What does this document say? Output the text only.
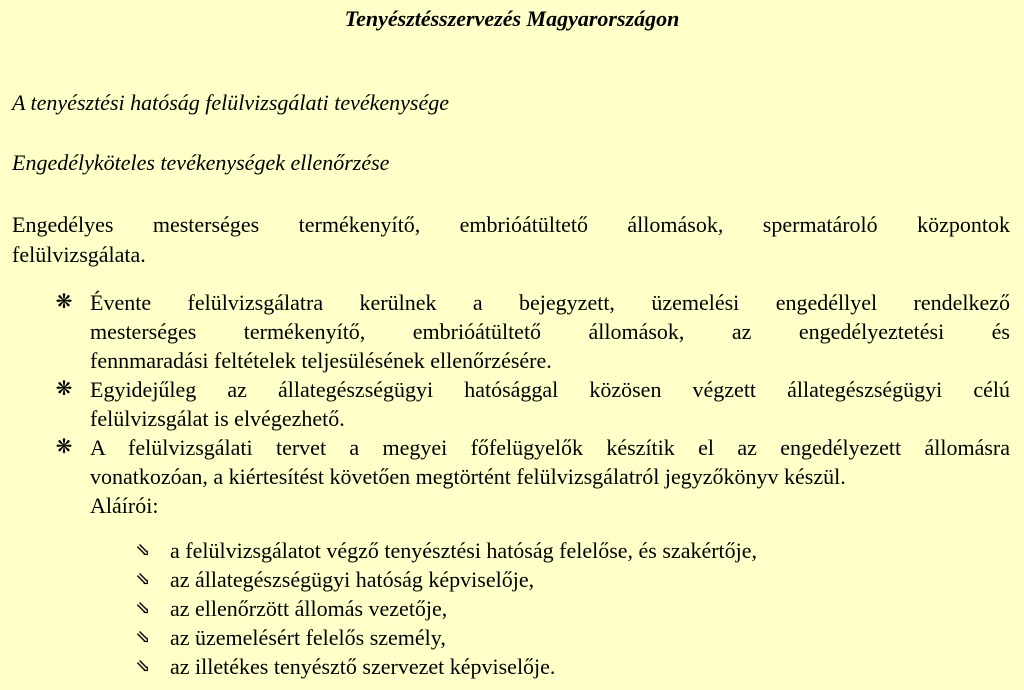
Tenyésztésszervezés Magyarországon
A tenyésztési hatóság felülvizsgálati tevékenysége
Engedélyköteles tevékenységek ellenőrzése
Engedélyes mesterséges termékenyítő, embrióátültető állomások, spermatároló központok
felülvizsgálata.
❋ Évente felülvizsgálatra kerülnek a bejegyzett, üzemelési engedéllyel rendelkező
mesterséges termékenyítő, embrióátültető állomások, az engedélyeztetési és
fennmaradási feltételek teljesülésének ellenőrzésére.
❋ Egyidejűleg az állategészségügyi hatósággal közösen végzett állategészségügyi célú
felülvizsgálat is elvégezhető.
❋ A felülvizsgálati tervet a megyei főfelügyelők készítik el az engedélyezett állomásra
vonatkozóan, a kiértesítést követően megtörtént felülvizsgálatról jegyzőkönyv készül.
Aláírói:
⇘ a felülvizsgálatot végző tenyésztési hatóság felelőse, és szakértője,
⇘ az állategészségügyi hatóság képviselője,
⇘ az ellenőrzött állomás vezetője,
⇘ az üzemelésért felelős személy,
⇘ az illetékes tenyésztő szervezet képviselője.
